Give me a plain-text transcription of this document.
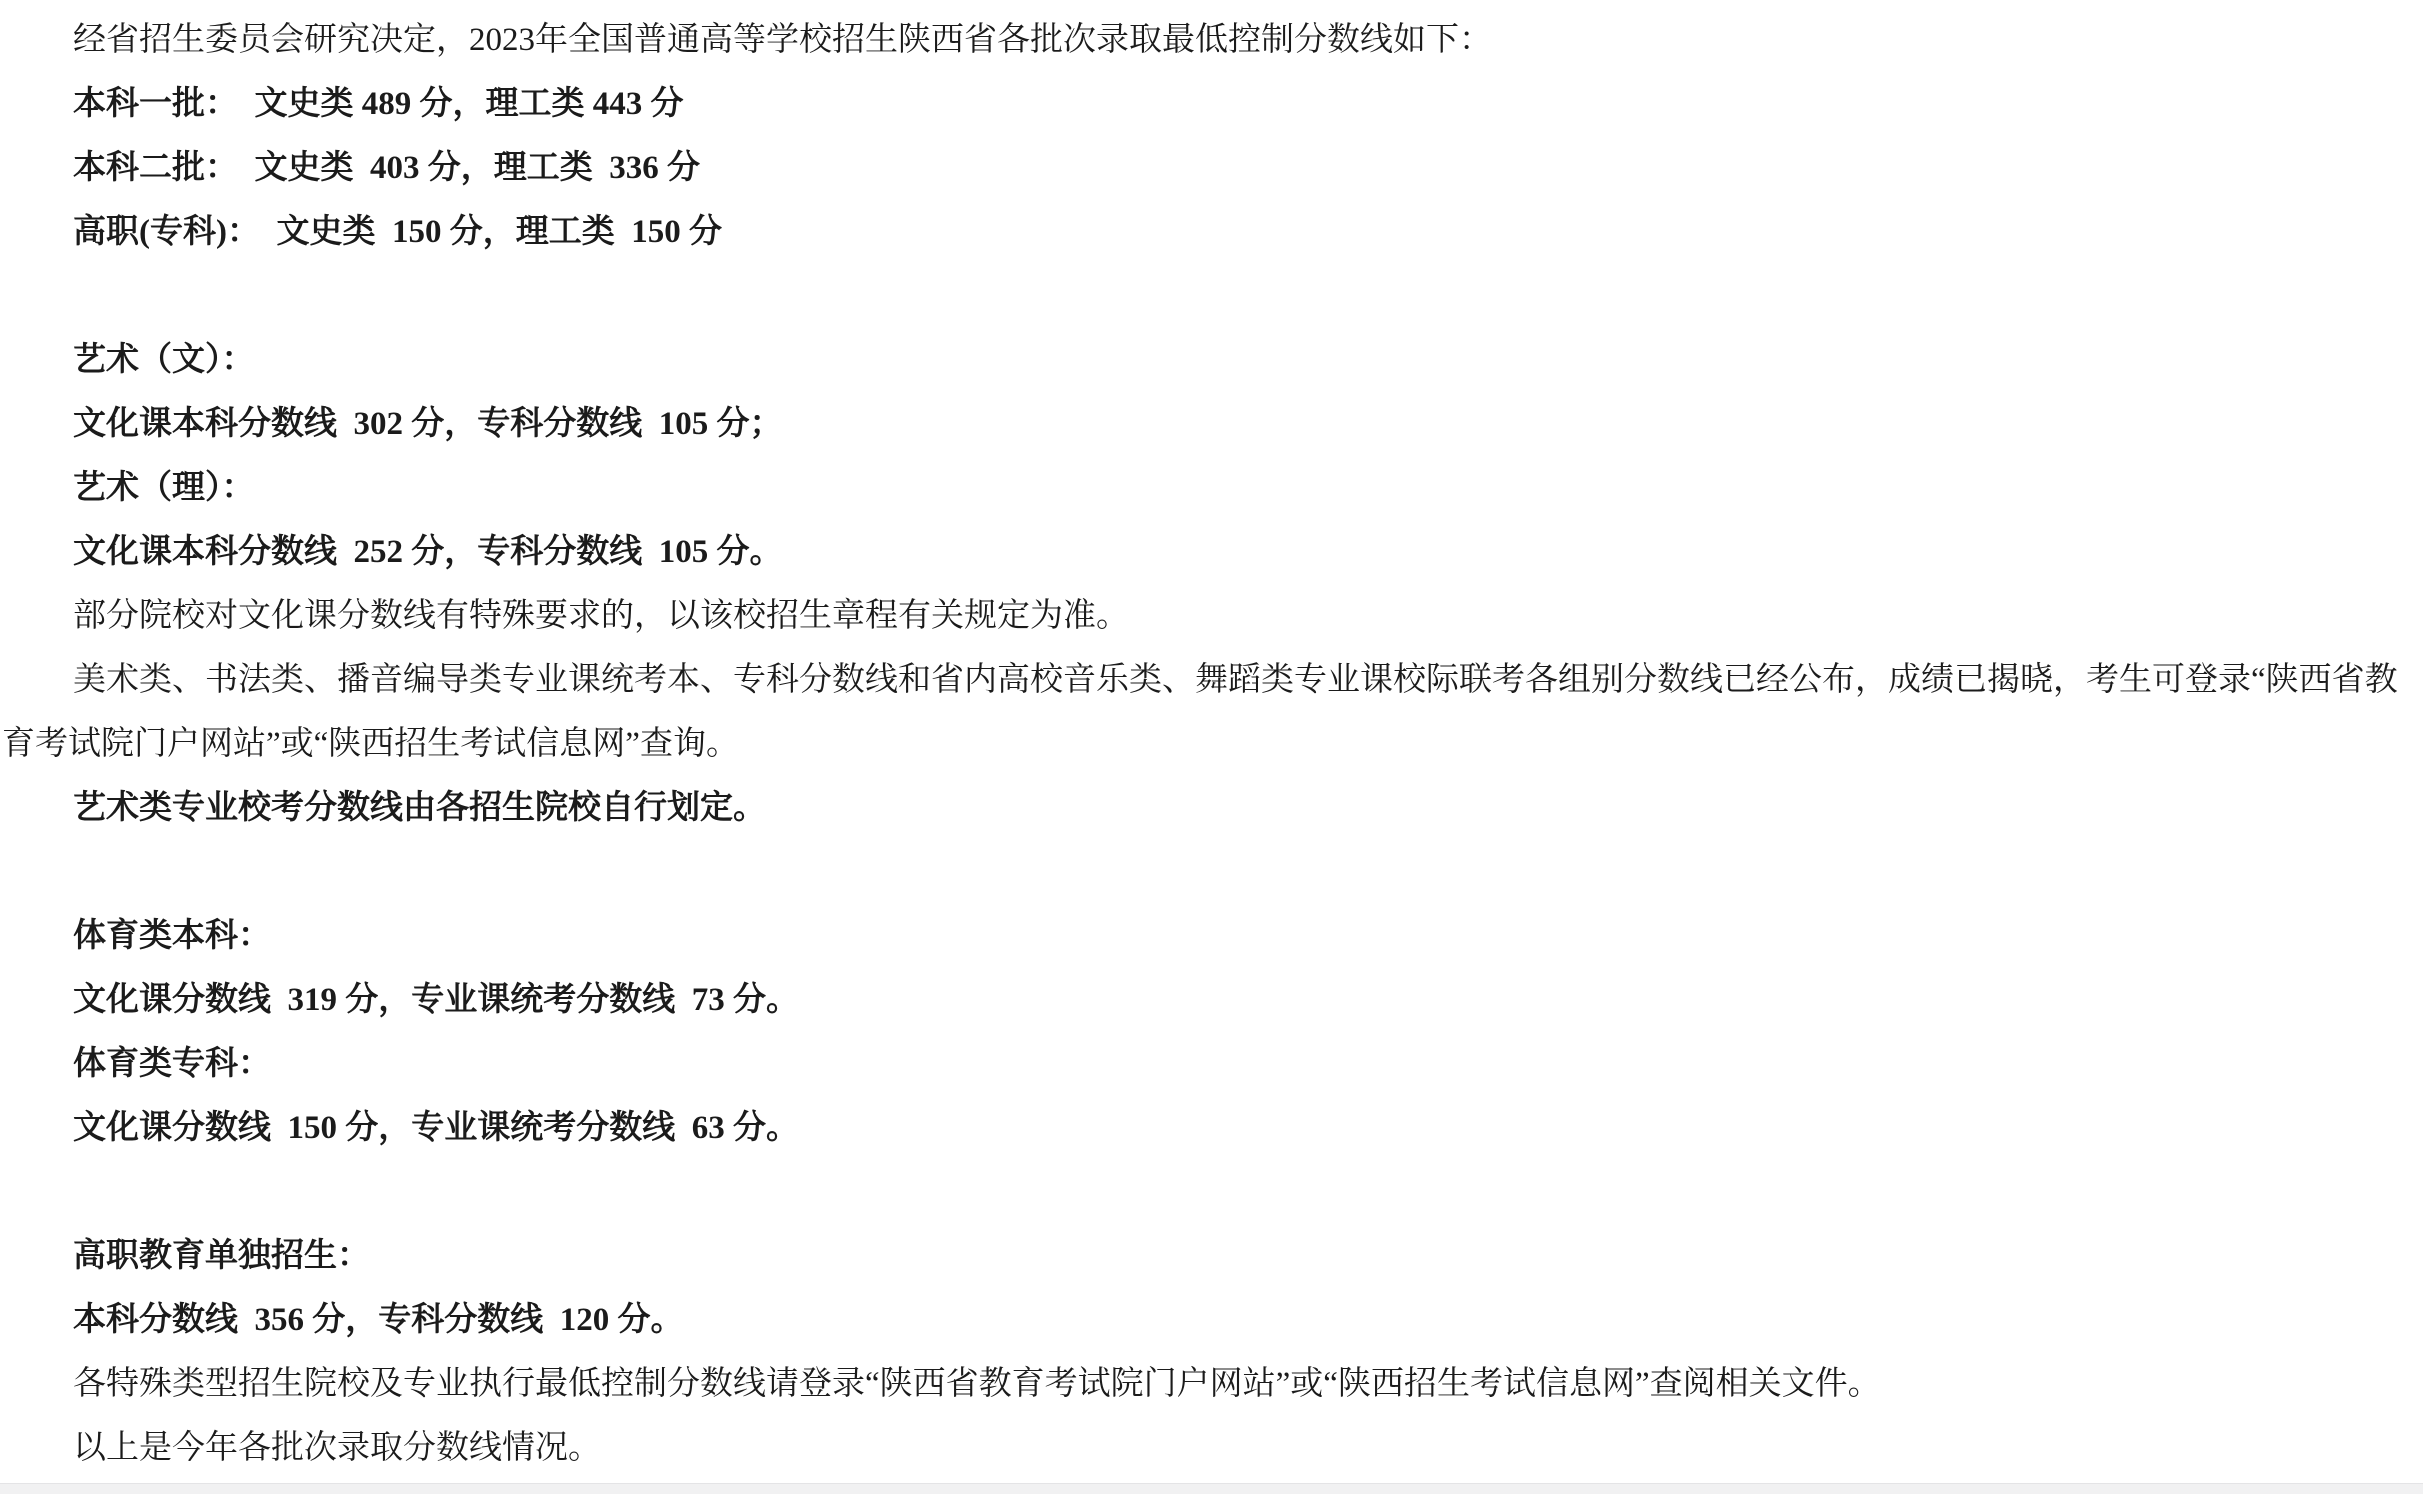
经省招生委员会研究决定，2023年全国普通高等学校招生陕西省各批次录取最低控制分数线如下：

本科一批：　文史类 489 分，理工类 443 分

本科二批：　文史类  403 分，理工类  336 分

高职(专科)：　文史类  150 分，理工类  150 分

艺术（文）：

文化课本科分数线  302 分，专科分数线  105 分；

艺术（理）：

文化课本科分数线  252 分，专科分数线  105 分。

部分院校对文化课分数线有特殊要求的，以该校招生章程有关规定为准。

美术类、书法类、播音编导类专业课统考本、专科分数线和省内高校音乐类、舞蹈类专业课校际联考各组别分数线已经公布，成绩已揭晓，考生可登录“陕西省教育考试院门户网站”或“陕西招生考试信息网”查询。

艺术类专业校考分数线由各招生院校自行划定。

体育类本科：

文化课分数线  319 分，专业课统考分数线  73 分。

体育类专科：

文化课分数线  150 分，专业课统考分数线  63 分。

高职教育单独招生：

本科分数线  356 分，专科分数线  120 分。

各特殊类型招生院校及专业执行最低控制分数线请登录“陕西省教育考试院门户网站”或“陕西招生考试信息网”查阅相关文件。

以上是今年各批次录取分数线情况。
